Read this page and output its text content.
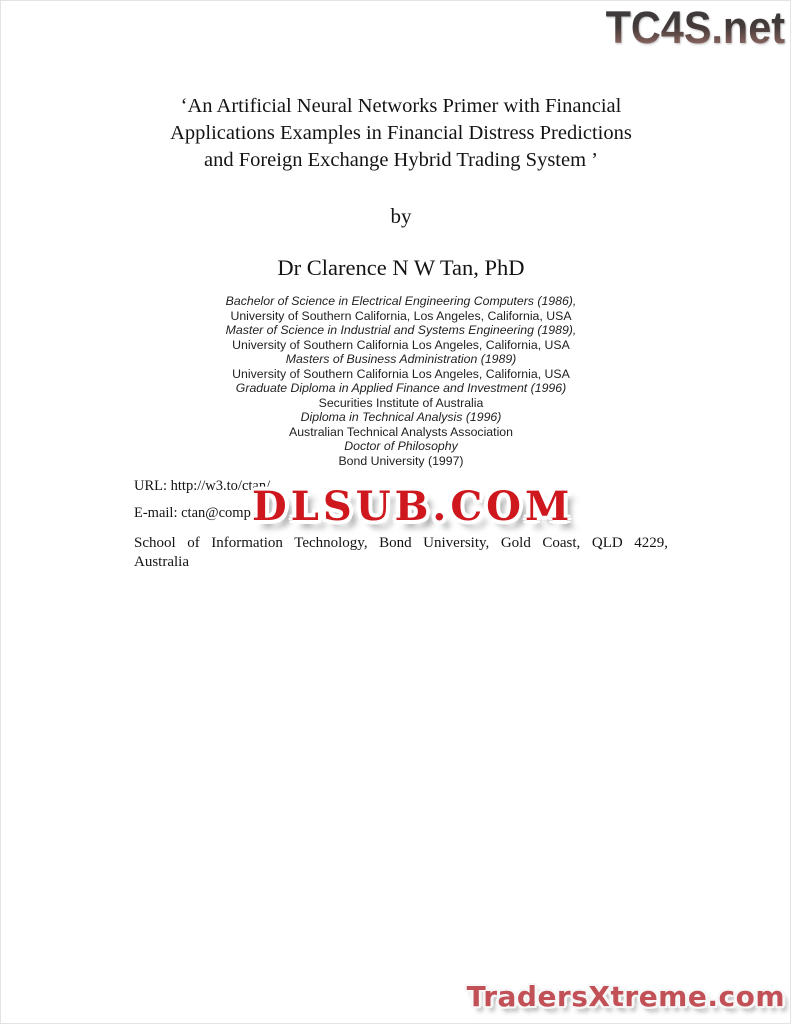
TC4S.net
‘An Artificial Neural Networks Primer with Financial
Applications Examples in Financial Distress Predictions
and Foreign Exchange Hybrid Trading System ’
by
Dr Clarence N W Tan, PhD
Bachelor of Science in Electrical Engineering Computers (1986),
University of Southern California, Los Angeles, California, USA
Master of Science in Industrial and Systems Engineering (1989),
University of Southern California Los Angeles, California, USA
Masters of Business Administration (1989)
University of Southern California Los Angeles, California, USA
Graduate Diploma in Applied Finance and Investment (1996)
Securities Institute of Australia
Diploma in Technical Analysis (1996)
Australian Technical Analysts Association
Doctor of Philosophy
Bond University (1997)
URL: http://w3.to/ctan/
E-mail: ctan@comp DLSUB.COM
School of Information Technology, Bond University, Gold Coast, QLD 4229,
Australia
TradersXtreme.com
